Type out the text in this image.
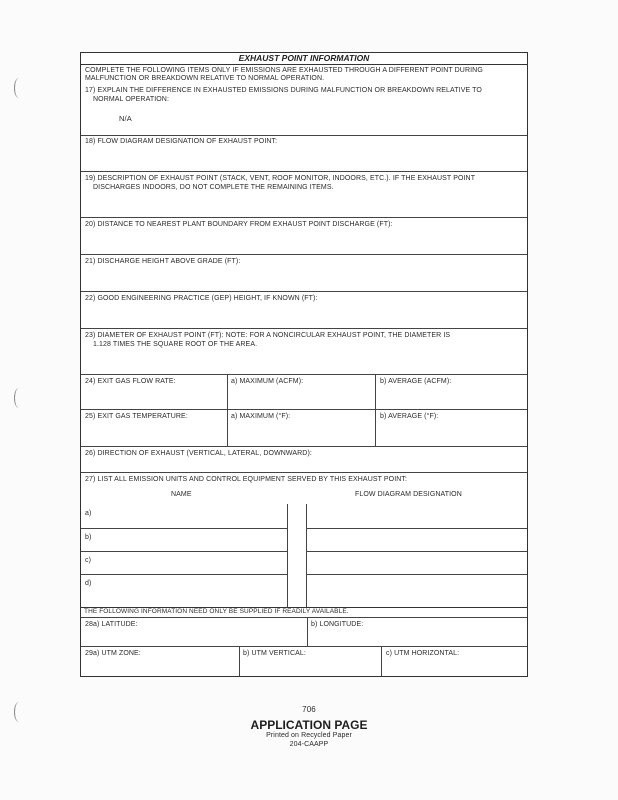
EXHAUST POINT INFORMATION
COMPLETE THE FOLLOWING ITEMS ONLY IF EMISSIONS ARE EXHAUSTED THROUGH A DIFFERENT POINT DURING MALFUNCTION OR BREAKDOWN RELATIVE TO NORMAL OPERATION.
17) EXPLAIN THE DIFFERENCE IN EXHAUSTED EMISSIONS DURING MALFUNCTION OR BREAKDOWN RELATIVE TO
NORMAL OPERATION:
N/A
18) FLOW DIAGRAM DESIGNATION OF EXHAUST POINT:
19) DESCRIPTION OF EXHAUST POINT (STACK, VENT, ROOF MONITOR, INDOORS, ETC.). IF THE EXHAUST POINT
DISCHARGES INDOORS, DO NOT COMPLETE THE REMAINING ITEMS.
20) DISTANCE TO NEAREST PLANT BOUNDARY FROM EXHAUST POINT DISCHARGE (FT):
21) DISCHARGE HEIGHT ABOVE GRADE (FT):
22) GOOD ENGINEERING PRACTICE (GEP) HEIGHT, IF KNOWN (FT):
23) DIAMETER OF EXHAUST POINT (FT): NOTE: FOR A NONCIRCULAR EXHAUST POINT, THE DIAMETER IS
1.128 TIMES THE SQUARE ROOT OF THE AREA.
24) EXIT GAS FLOW RATE:	a) MAXIMUM (ACFM):	b) AVERAGE (ACFM):
25) EXIT GAS TEMPERATURE:	a) MAXIMUM (°F):	b) AVERAGE (°F):
26) DIRECTION OF EXHAUST (VERTICAL, LATERAL, DOWNWARD):
27) LIST ALL EMISSION UNITS AND CONTROL EQUIPMENT SERVED BY THIS EXHAUST POINT:
NAME	FLOW DIAGRAM DESIGNATION
a)
b)
c)
d)
THE FOLLOWING INFORMATION NEED ONLY BE SUPPLIED IF READILY AVAILABLE.
28a) LATITUDE:	b) LONGITUDE:
29a) UTM ZONE:	b) UTM VERTICAL:	c) UTM HORIZONTAL:
706
APPLICATION PAGE
Printed on Recycled Paper
204-CAAPP
